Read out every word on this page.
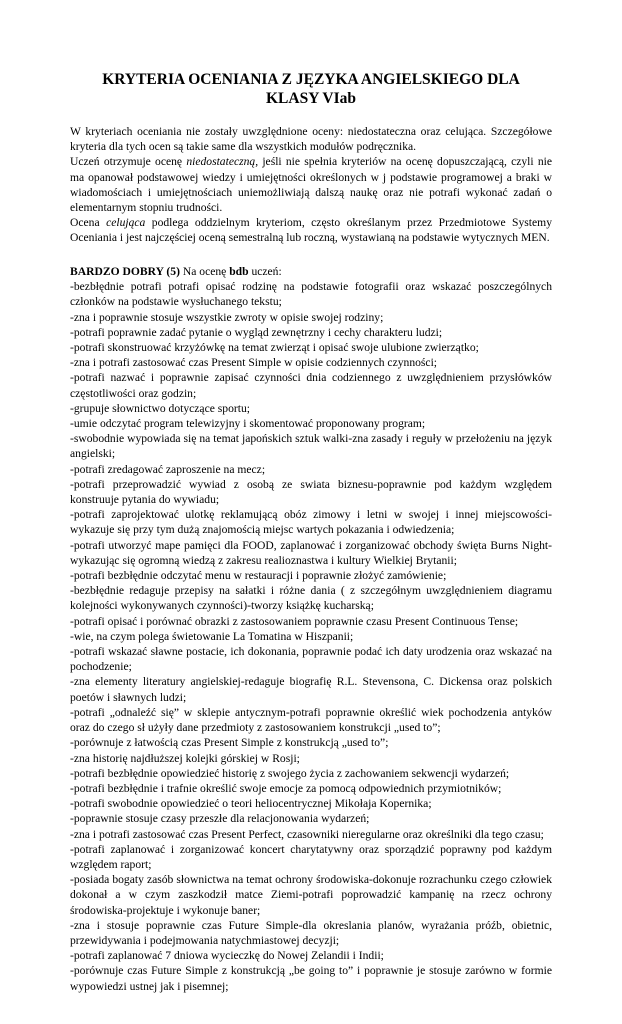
KRYTERIA OCENIANIA Z JĘZYKA ANGIELSKIEGO DLA
KLASY VIab

W kryteriach oceniania nie zostały uwzględnione oceny: niedostateczna oraz celująca. Szczegółowe kryteria dla tych ocen są takie same dla wszystkich modułów podręcznika.

Uczeń otrzymuje ocenę niedostateczną, jeśli nie spełnia kryteriów na ocenę dopuszczającą, czyli nie ma opanował podstawowej wiedzy i umiejętności określonych w j podstawie programowej a braki w wiadomościach i umiejętnościach uniemożliwiają dalszą naukę oraz nie potrafi wykonać zadań o elementarnym stopniu trudności.

Ocena celująca podlega oddzielnym kryteriom, często określanym przez Przedmiotowe Systemy Oceniania i jest najczęściej oceną semestralną lub roczną, wystawianą na podstawie wytycznych MEN.

BARDZO DOBRY (5) Na ocenę bdb uczeń:

-bezbłędnie potrafi potrafi opisać rodzinę na podstawie fotografii oraz wskazać poszczególnych członków na podstawie wysłuchanego tekstu;

-zna i poprawnie stosuje wszystkie zwroty w opisie swojej rodziny;

-potrafi poprawnie zadać pytanie o wygląd zewnętrzny i cechy charakteru ludzi;

-potrafi skonstruować krzyżówkę na temat zwierząt i opisać swoje ulubione zwierzątko;

-zna i potrafi zastosować czas Present Simple w opisie codziennych czynności;

-potrafi nazwać i poprawnie zapisać czynności dnia codziennego z uwzględnieniem przysłówków częstotliwości oraz godzin;

-grupuje słownictwo dotyczące sportu;

-umie odczytać program telewizyjny i skomentować proponowany program;

-swobodnie wypowiada się na temat japońskich sztuk walki-zna zasady i reguły w przełożeniu na język angielski;

-potrafi zredagować zaproszenie na mecz;

-potrafi przeprowadzić wywiad z osobą ze swiata biznesu-poprawnie pod każdym względem konstruuje pytania do wywiadu;

-potrafi zaprojektować ulotkę reklamującą obóz zimowy i letni w swojej i innej miejscowości-wykazuje się przy tym dużą znajomością miejsc wartych pokazania i odwiedzenia;

-potrafi utworzyć mape pamięci dla FOOD, zaplanować i zorganizować obchody święta Burns Night-wykazując się ogromną wiedzą z zakresu realioznastwa i kultury Wielkiej Brytanii;

-potrafi bezbłędnie odczytać menu w restauracji i poprawnie złożyć zamówienie;

-bezbłędnie redaguje przepisy na sałatki i różne dania ( z szczegółnym uwzględnieniem diagramu kolejności wykonywanych czynności)-tworzy książkę kucharską;

-potrafi opisać i porównać obrazki z zastosowaniem poprawnie czasu Present Continuous Tense;

-wie, na czym polega świetowanie La Tomatina w Hiszpanii;

-potrafi wskazać sławne postacie, ich dokonania, poprawnie podać ich daty urodzenia oraz wskazać na pochodzenie;

-zna elementy literatury angielskiej-redaguje biografię R.L. Stevensona, C. Dickensa oraz polskich poetów i sławnych ludzi;

-potrafi „odnaleźć się” w sklepie antycznym-potrafi poprawnie określić wiek pochodzenia antyków oraz do czego sł użyły dane przedmioty z zastosowaniem konstrukcji „used to”;

-porównuje z łatwością czas Present Simple z konstrukcją „used to”;

-zna historię najdłuższej kolejki górskiej w Rosji;

-potrafi bezbłędnie opowiedzieć historię z swojego życia z zachowaniem sekwencji wydarzeń;

-potrafi bezbłędnie i trafnie określić swoje emocje za pomocą odpowiednich przymiotników;

-potrafi swobodnie opowiedzieć o teori heliocentrycznej Mikołaja Kopernika;

-poprawnie stosuje czasy przeszłe dla relacjonowania wydarzeń;

-zna i potrafi zastosować czas Present Perfect, czasowniki nieregularne oraz określniki dla tego czasu;

-potrafi zaplanować i zorganizować koncert charytatywny oraz sporządzić poprawny pod każdym względem raport;

-posiada bogaty zasób słownictwa na temat ochrony środowiska-dokonuje rozrachunku czego człowiek dokonał a w czym zaszkodził matce Ziemi-potrafi poprowadzić kampanię na rzecz ochrony środowiska-projektuje i wykonuje baner;

-zna i stosuje poprawnie czas Future Simple-dla okreslania planów, wyrażania próźb, obietnic, przewidywania i podejmowania natychmiastowej decyzji;

-potrafi zaplanować 7 dniowa wycieczkę do Nowej Zelandii i Indii;

-porównuje czas Future Simple z konstrukcją „be going to” i poprawnie je stosuje zarówno w formie wypowiedzi ustnej jak i pisemnej;
